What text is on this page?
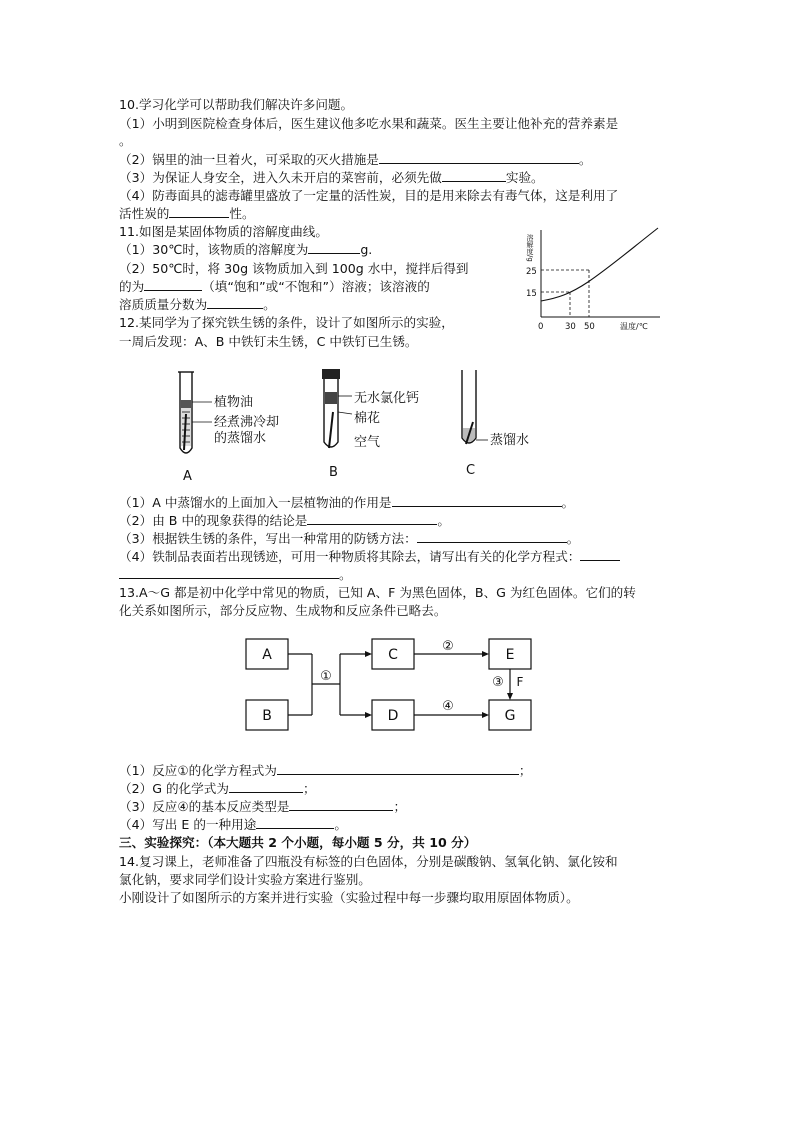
10.学习化学可以帮助我们解决许多问题。
（1）小明到医院检查身体后，医生建议他多吃水果和蔬菜。医生主要让他补充的营养素是
。
（2）锅里的油一旦着火，可采取的灭火措施是	。
（3）为保证人身安全，进入久未开启的菜窖前，必须先做	实验。
（4）防毒面具的滤毒罐里盛放了一定量的活性炭，目的是用来除去有毒气体，这是利用了
活性炭的	性。
11.如图是某固体物质的溶解度曲线。
（1）30℃时，该物质的溶解度为	g.
（2）50℃时，将 30g 该物质加入到 100g 水中，搅拌后得到
的为	（填“饱和”或“不饱和”）溶液；该溶液的
溶质质量分数为	。
溶解度/g
25
15
0	30 50	温度/℃
12.某同学为了探究铁生锈的条件，设计了如图所示的实验，
一周后发现：A、B 中铁钉未生锈，C 中铁钉已生锈。
植物油
经煮沸冷却
的蒸馏水
无水氯化钙
棉花
空气	蒸馏水
A	B	C
（1）A 中蒸馏水的上面加入一层植物油的作用是	。
（2）由 B 中的现象获得的结论是	。
（3）根据铁生锈的条件，写出一种常用的防锈方法：	。
（4）铁制品表面若出现锈迹，可用一种物质将其除去，请写出有关的化学方程式：
。
13.A～G 都是初中化学中常见的物质，已知 A、F 为黑色固体，B、G 为红色固体。它们的转
化关系如图所示，部分反应物、生成物和反应条件已略去。
A
B
C
D
E
G
①
②
③ F
④
（1）反应①的化学方程式为	；
（2）G 的化学式为	；
（3）反应④的基本反应类型是	；
（4）写出 E 的一种用途	。
三、实验探究：（本大题共 2 个小题，每小题 5 分，共 10 分）
14.复习课上，老师准备了四瓶没有标签的白色固体，分别是碳酸钠、氢氧化钠、氯化铵和
氯化钠，要求同学们设计实验方案进行鉴别。
小刚设计了如图所示的方案并进行实验（实验过程中每一步骤均取用原固体物质）。
